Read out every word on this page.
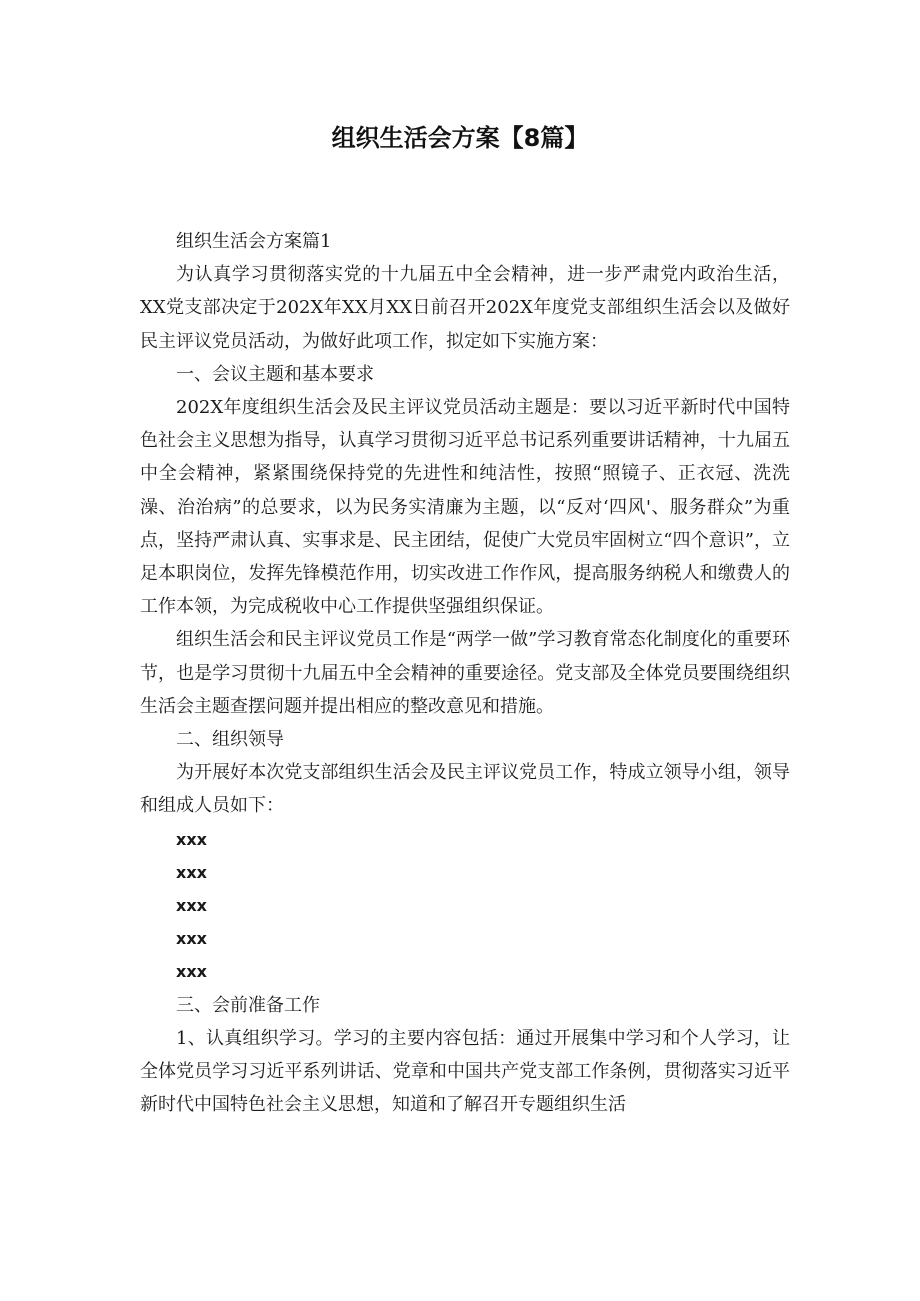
组织生活会方案【8篇】

组织生活会方案篇1

为认真学习贯彻落实党的十九届五中全会精神，进一步严肃党内政治生活，XX党支部决定于202X年XX月XX日前召开202X年度党支部组织生活会以及做好民主评议党员活动，为做好此项工作，拟定如下实施方案：

一、会议主题和基本要求

202X年度组织生活会及民主评议党员活动主题是：要以习近平新时代中国特色社会主义思想为指导，认真学习贯彻习近平总书记系列重要讲话精神，十九届五中全会精神，紧紧围绕保持党的先进性和纯洁性，按照“照镜子、正衣冠、洗洗澡、治治病”的总要求，以为民务实清廉为主题，以“反对‘四风'、服务群众”为重点，坚持严肃认真、实事求是、民主团结，促使广大党员牢固树立“四个意识”，立足本职岗位，发挥先锋模范作用，切实改进工作作风，提高服务纳税人和缴费人的工作本领，为完成税收中心工作提供坚强组织保证。

组织生活会和民主评议党员工作是“两学一做”学习教育常态化制度化的重要环节，也是学习贯彻十九届五中全会精神的重要途径。党支部及全体党员要围绕组织生活会主题查摆问题并提出相应的整改意见和措施。

二、组织领导

为开展好本次党支部组织生活会及民主评议党员工作，特成立领导小组，领导和组成人员如下：

xxx
xxx
xxx
xxx
xxx

三、会前准备工作

1、认真组织学习。学习的主要内容包括：通过开展集中学习和个人学习，让全体党员学习习近平系列讲话、党章和中国共产党支部工作条例，贯彻落实习近平新时代中国特色社会主义思想，知道和了解召开专题组织生活
